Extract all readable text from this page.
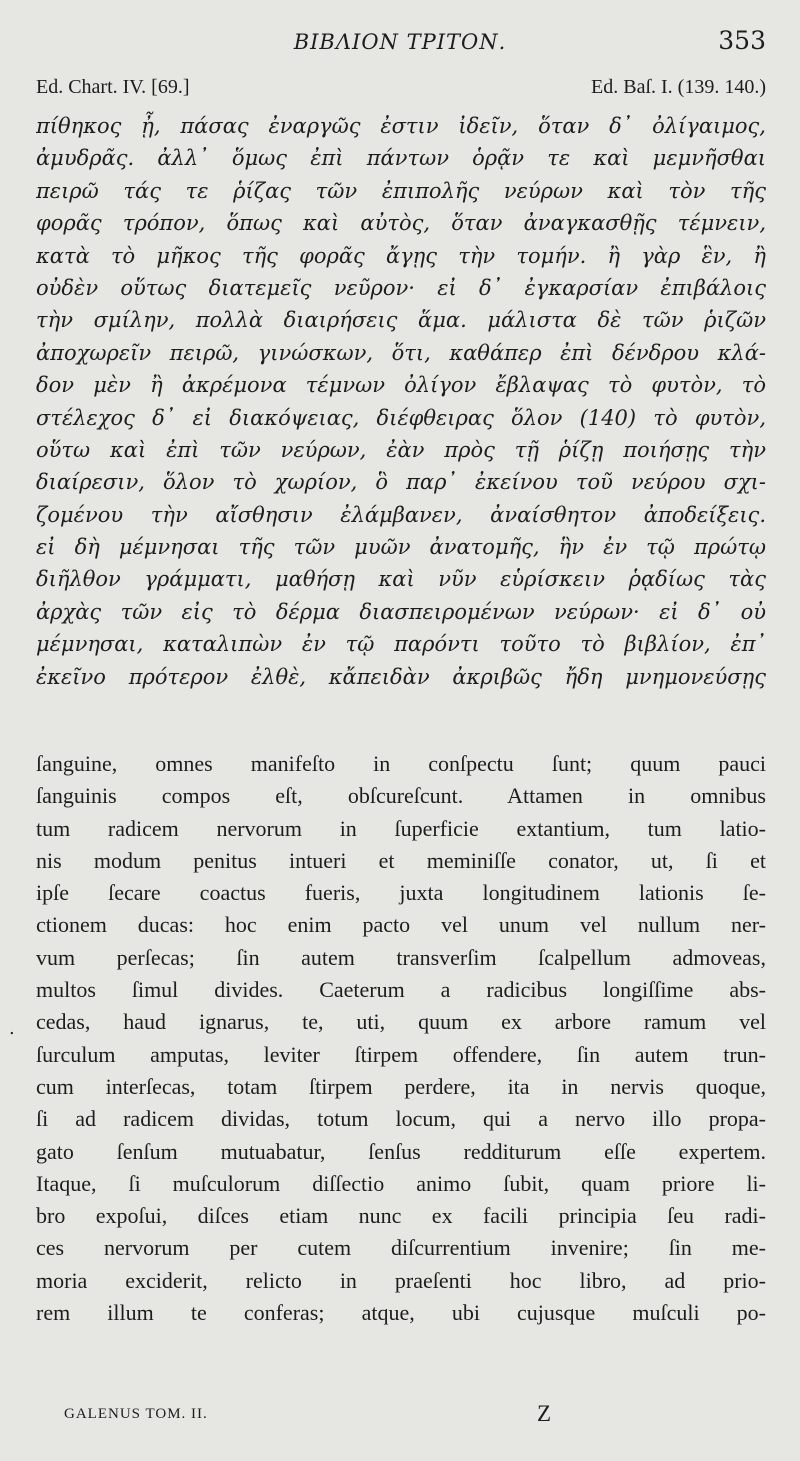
ΒΙΒΛΙΟΝ ΤΡΙΤΟΝ.	353
Ed. Chart. IV. [69.]	Ed. Baſ. I. (139. 140.)
πίθηκος ᾖ, πάσας ἐναργῶς ἐστιν ἰδεῖν, ὅταν δ᾽ ὀλίγαιμος,
ἀμυδρᾶς. ἀλλ᾽ ὅμως ἐπὶ πάντων ὁρᾷν τε καὶ μεμνῆσθαι
πειρῶ τάς τε ῥίζας τῶν ἐπιπολῆς νεύρων καὶ τὸν τῆς
φορᾶς τρόπον, ὅπως καὶ αὐτὸς, ὅταν ἀναγκασθῇς τέμνειν,
κατὰ τὸ μῆκος τῆς φορᾶς ἄγῃς τὴν τομήν. ἢ γὰρ ἓν, ἢ
οὐδὲν οὕτως διατεμεῖς νεῦρον· εἰ δ᾽ ἐγκαρσίαν ἐπιβάλοις
τὴν σμίλην, πολλὰ διαιρήσεις ἅμα. μάλιστα δὲ τῶν ῥιζῶν
ἀποχωρεῖν πειρῶ, γινώσκων, ὅτι, καθάπερ ἐπὶ δένδρου κλά-
δον μὲν ἢ ἀκρέμονα τέμνων ὀλίγον ἔβλαψας τὸ φυτὸν, τὸ
στέλεχος δ᾽ εἰ διακόψειας, διέφθειρας ὅλον (140) τὸ φυτὸν,
οὕτω καὶ ἐπὶ τῶν νεύρων, ἐὰν πρὸς τῇ ῥίζῃ ποιήσῃς τὴν
διαίρεσιν, ὅλον τὸ χωρίον, ὃ παρ᾽ ἐκείνου τοῦ νεύρου σχι-
ζομένου τὴν αἴσθησιν ἐλάμβανεν, ἀναίσθητον ἀποδείξεις.
εἰ δὴ μέμνησαι τῆς τῶν μυῶν ἀνατομῆς, ἣν ἐν τῷ πρώτῳ
διῆλθον γράμματι, μαθήσῃ καὶ νῦν εὑρίσκειν ῥᾳδίως τὰς
ἀρχὰς τῶν εἰς τὸ δέρμα διασπειρομένων νεύρων· εἰ δ᾽ οὐ
μέμνησαι, καταλιπὼν ἐν τῷ παρόντι τοῦτο τὸ βιβλίον, ἐπ᾽
ἐκεῖνο πρότερον ἐλθὲ, κἄπειδὰν ἀκριβῶς ἤδη μνημονεύσῃς
.
ſanguine, omnes manifeſto in conſpectu ſunt; quum pauci
ſanguinis compos eſt, obſcureſcunt. Attamen in omnibus
tum radicem nervorum in ſuperficie extantium, tum latio-
nis modum penitus intueri et meminiſſe conator, ut, ſi et
ipſe ſecare coactus fueris, juxta longitudinem lationis ſe-
ctionem ducas: hoc enim pacto vel unum vel nullum ner-
vum perſecas; ſin autem transverſim ſcalpellum admoveas,
multos ſimul divides. Caeterum a radicibus longiſſime abs-
cedas, haud ignarus, te, uti, quum ex arbore ramum vel
ſurculum amputas, leviter ſtirpem offendere, ſin autem trun-
cum interſecas, totam ſtirpem perdere, ita in nervis quoque,
ſi ad radicem dividas, totum locum, qui a nervo illo propa-
gato ſenſum mutuabatur, ſenſus redditurum eſſe expertem.
Itaque, ſi muſculorum diſſectio animo ſubit, quam priore li-
bro expoſui, diſces etiam nunc ex facili principia ſeu radi-
ces nervorum per cutem diſcurrentium invenire; ſin me-
moria exciderit, relicto in praeſenti hoc libro, ad prio-
rem illum te conferas; atque, ubi cujusque muſculi po-
GALENUS TOM. II.	Z
